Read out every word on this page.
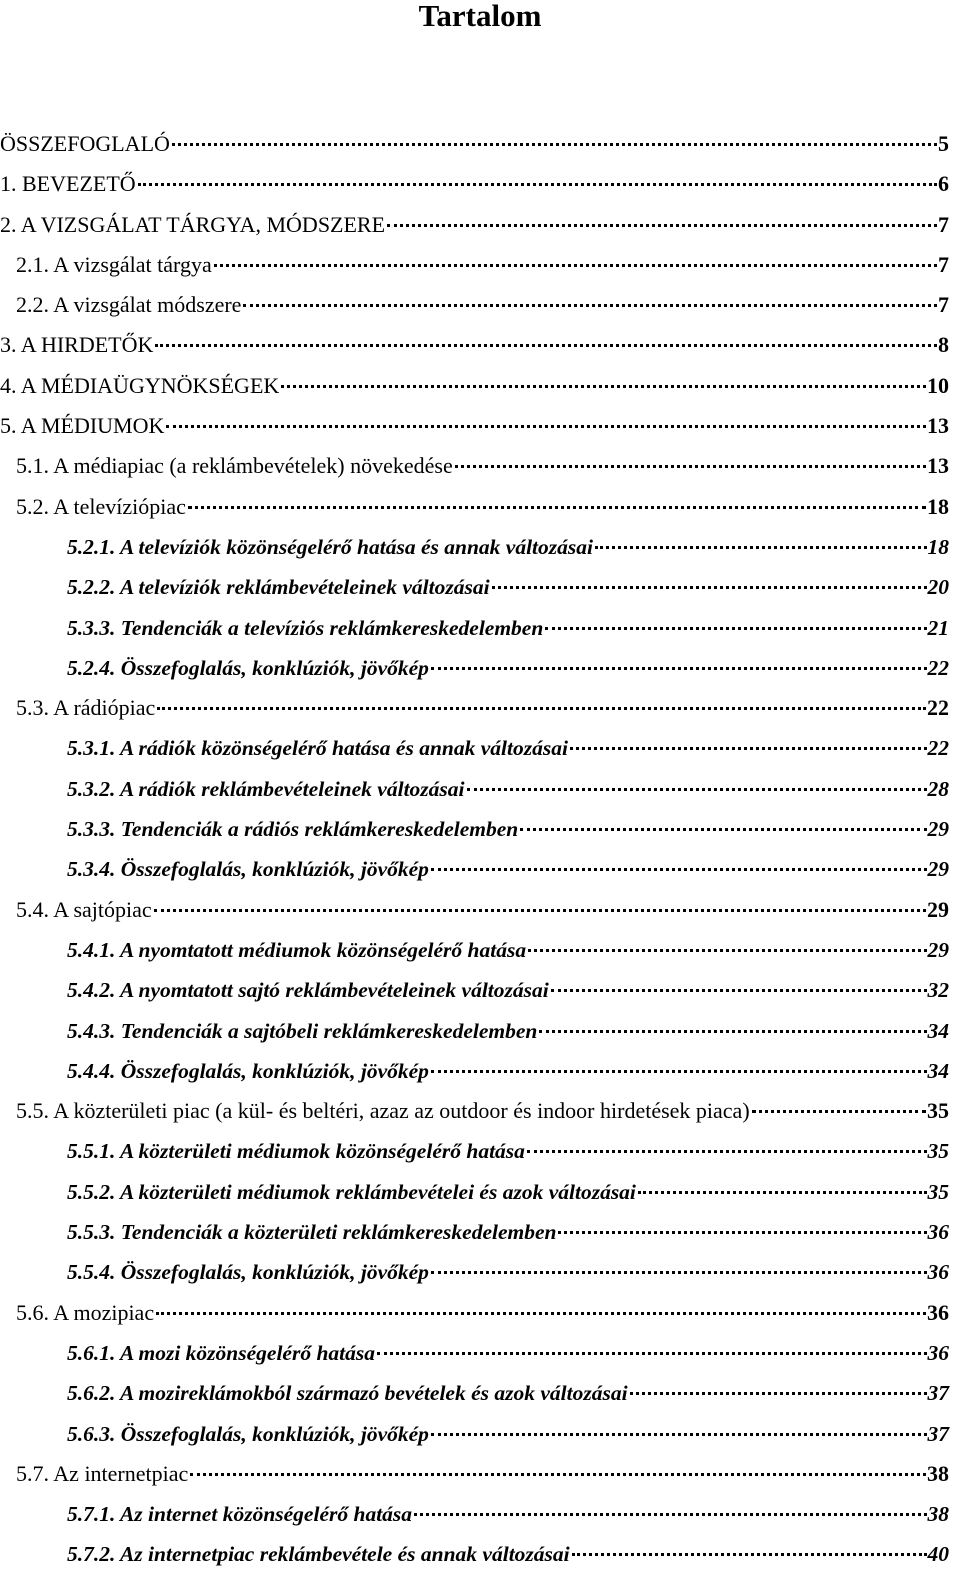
Tartalom
ÖSSZEFOGLALÓ	5
1. BEVEZETŐ	6
2. A VIZSGÁLAT TÁRGYA, MÓDSZERE	7
2.1. A vizsgálat tárgya	7
2.2. A vizsgálat módszere	7
3. A HIRDETŐK	8
4. A MÉDIAÜGYNÖKSÉGEK	10
5. A MÉDIUMOK	13
5.1. A médiapiac (a reklámbevételek) növekedése	13
5.2. A televíziópiac	18
5.2.1. A televíziók közönségelérő hatása és annak változásai	18
5.2.2. A televíziók reklámbevételeinek változásai	20
5.3.3. Tendenciák a televíziós reklámkereskedelemben	21
5.2.4. Összefoglalás, konklúziók, jövőkép	22
5.3. A rádiópiac	22
5.3.1. A rádiók közönségelérő hatása és annak változásai	22
5.3.2. A rádiók reklámbevételeinek változásai	28
5.3.3. Tendenciák a rádiós reklámkereskedelemben	29
5.3.4. Összefoglalás, konklúziók, jövőkép	29
5.4. A sajtópiac	29
5.4.1. A nyomtatott médiumok közönségelérő hatása	29
5.4.2. A nyomtatott sajtó reklámbevételeinek változásai	32
5.4.3. Tendenciák a sajtóbeli reklámkereskedelemben	34
5.4.4. Összefoglalás, konklúziók, jövőkép	34
5.5. A közterületi piac (a kül- és beltéri, azaz az outdoor és indoor hirdetések piaca)	35
5.5.1. A közterületi médiumok közönségelérő hatása	35
5.5.2. A közterületi médiumok reklámbevételei és azok változásai	35
5.5.3. Tendenciák a közterületi reklámkereskedelemben	36
5.5.4. Összefoglalás, konklúziók, jövőkép	36
5.6. A mozipiac	36
5.6.1. A mozi közönségelérő hatása	36
5.6.2. A mozireklámokból származó bevételek és azok változásai	37
5.6.3. Összefoglalás, konklúziók, jövőkép	37
5.7. Az internetpiac	38
5.7.1. Az internet közönségelérő hatása	38
5.7.2. Az internetpiac reklámbevétele és annak változásai	40
